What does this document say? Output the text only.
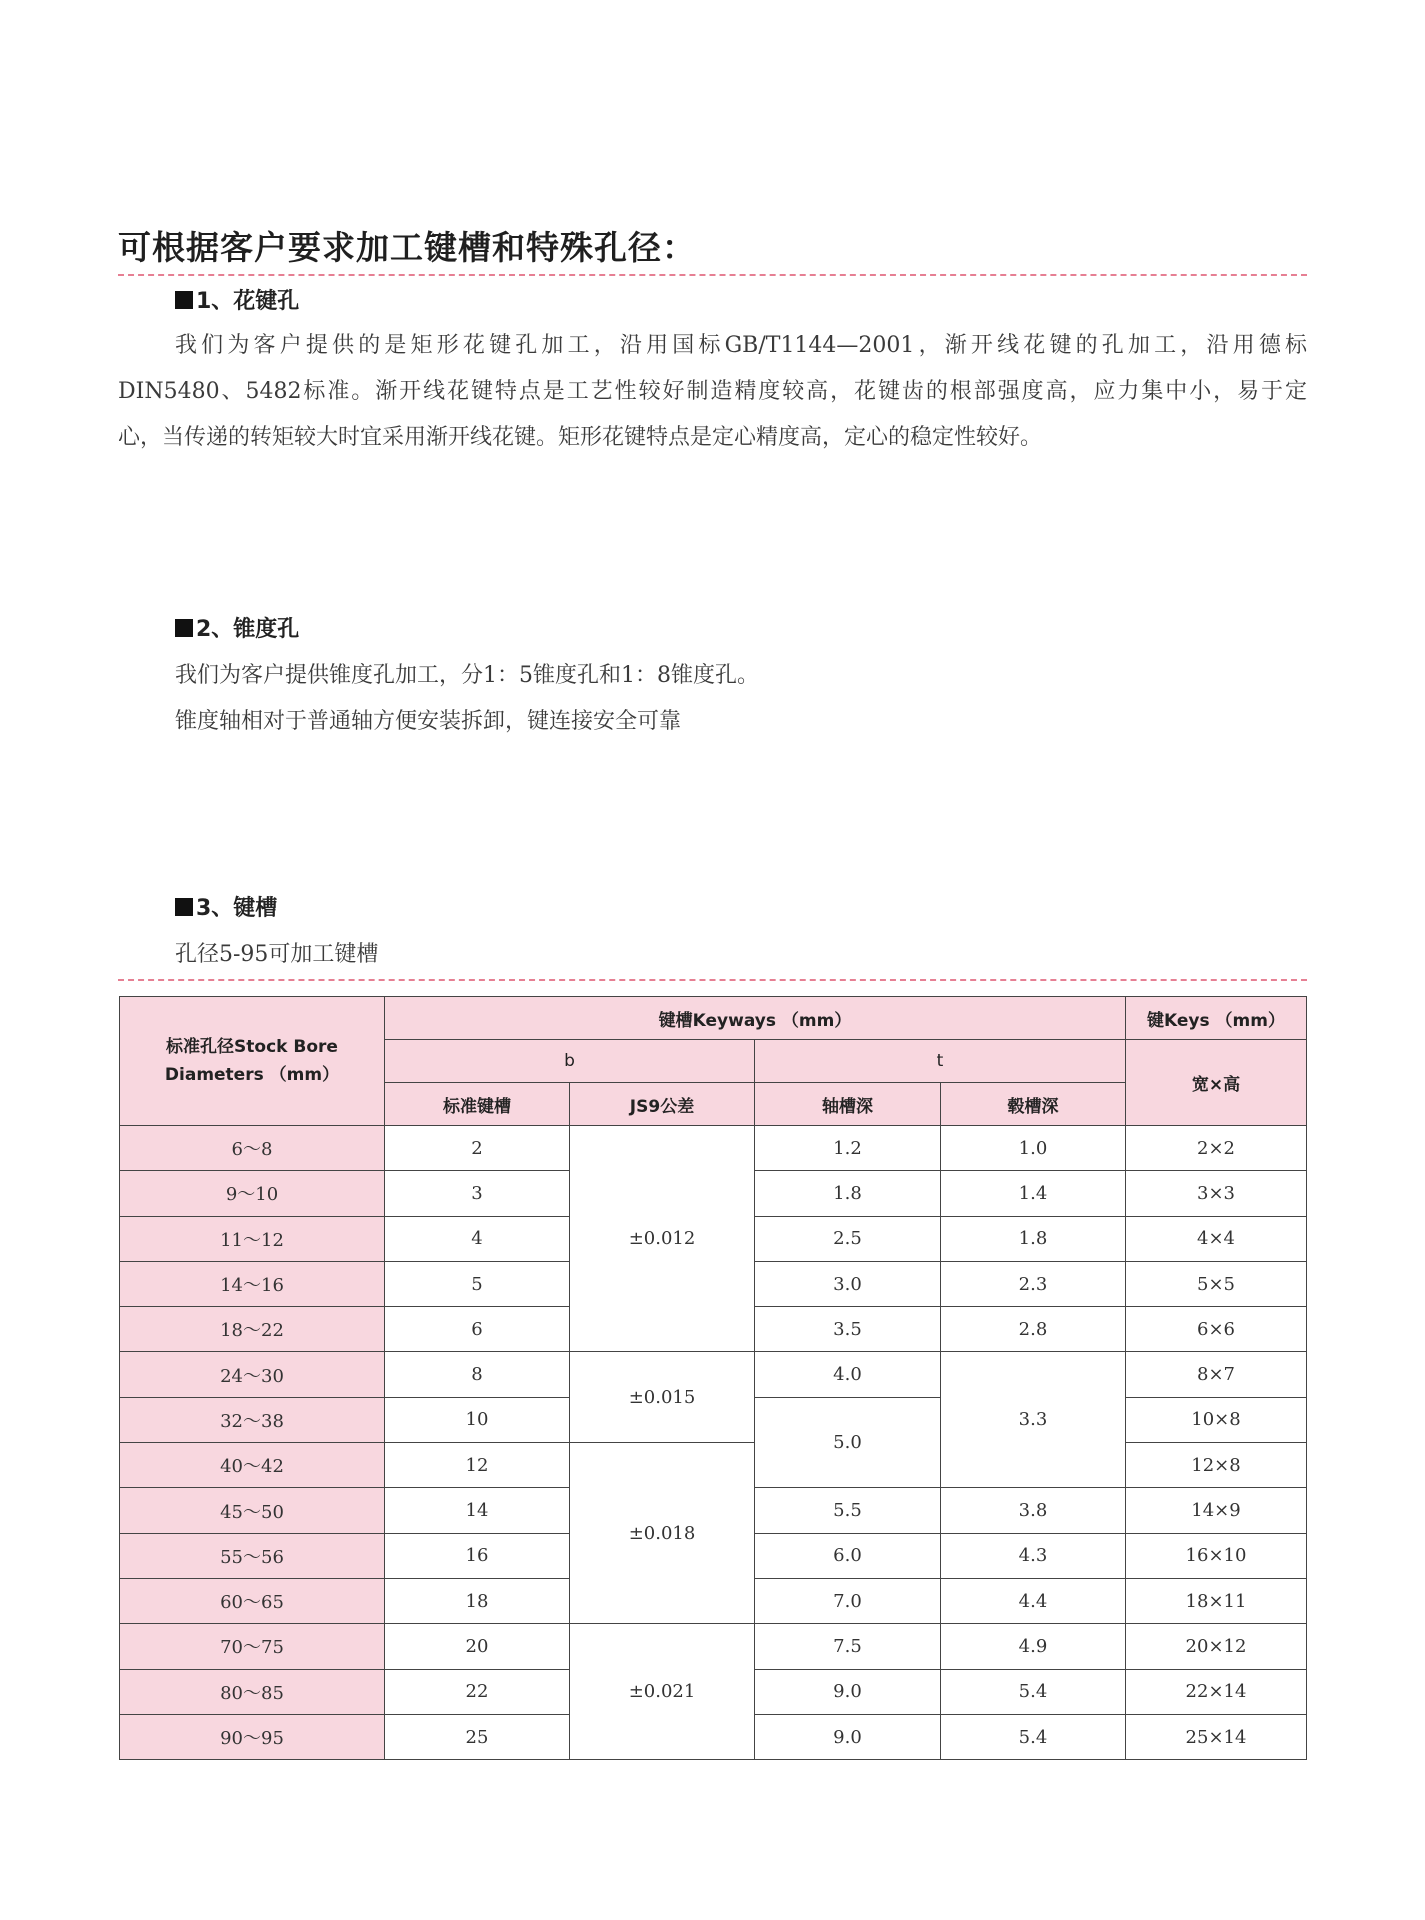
可根据客户要求加工键槽和特殊孔径：
1、花键孔
我们为客户提供的是矩形花键孔加工，沿用国标GB/T1144—2001，渐开线花键的孔加工，沿用德标
DIN5480、5482标准。渐开线花键特点是工艺性较好制造精度较高，花键齿的根部强度高，应力集中小，易于定
心，当传递的转矩较大时宜采用渐开线花键。矩形花键特点是定心精度高，定心的稳定性较好。
2、锥度孔

我们为客户提供锥度孔加工，分1：5锥度孔和1：8锥度孔。

锥度轴相对于普通轴方便安装拆卸，键连接安全可靠

3、键槽

孔径5-95可加工键槽

标准孔径Stock Bore Diameters （mm）	键槽Keyways （mm）				键Keys （mm）
	b		t		宽×高
	标准键槽	JS9公差	轴槽深	毂槽深	
6～8	2	±0.012	1.2	1.0	2×2
9～10	3		1.8	1.4	3×3
11～12	4		2.5	1.8	4×4
14～16	5		3.0	2.3	5×5
18～22	6		3.5	2.8	6×6
24～30	8	±0.015	4.0	3.3	8×7
32～38	10		5.0		10×8
40～42	12	±0.018			12×8
45～50	14		5.5	3.8	14×9
55～56	16		6.0	4.3	16×10
60～65	18		7.0	4.4	18×11
70～75	20	±0.021	7.5	4.9	20×12
80～85	22		9.0	5.4	22×14
90～95	25		9.0	5.4	25×14
